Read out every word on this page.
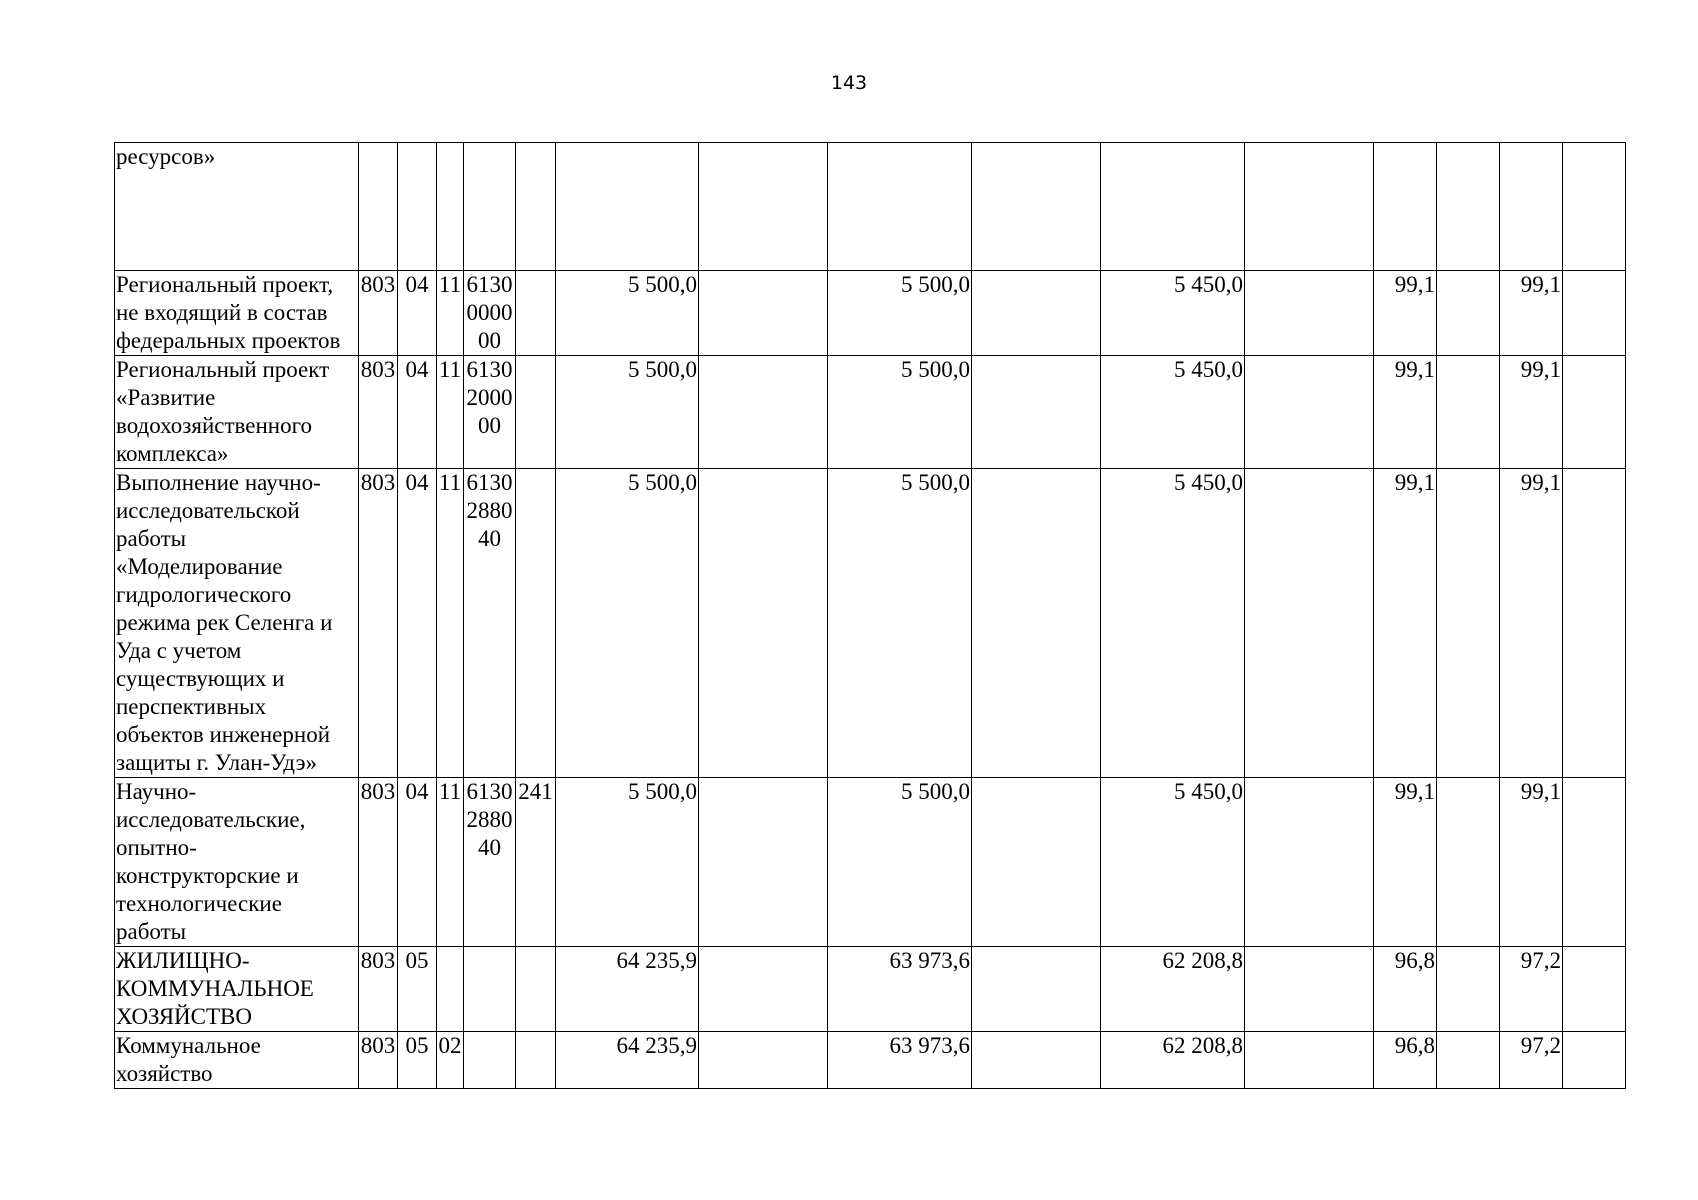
143
ресурсов»															
Региональный проект, не входящий в состав федеральных проектов	803	04	11	6130000000		5 500,0		5 500,0		5 450,0		99,1		99,1	
Региональный проект «Развитие водохозяйственного комплекса»	803	04	11	6130200000		5 500,0		5 500,0		5 450,0		99,1		99,1	
Выполнение научно-исследовательской работы «Моделирование гидрологического режима рек Селенга и Уда с учетом существующих и перспективных объектов инженерной защиты г. Улан-Удэ»	803	04	11	6130288040		5 500,0		5 500,0		5 450,0		99,1		99,1	
Научно-исследовательские, опытно-конструкторские и технологические работы	803	04	11	6130288040	241	5 500,0		5 500,0		5 450,0		99,1		99,1	
ЖИЛИЩНО-КОММУНАЛЬНОЕ ХОЗЯЙСТВО	803	05				64 235,9		63 973,6		62 208,8		96,8		97,2	
Коммунальное хозяйство	803	05	02			64 235,9		63 973,6		62 208,8		96,8		97,2	
